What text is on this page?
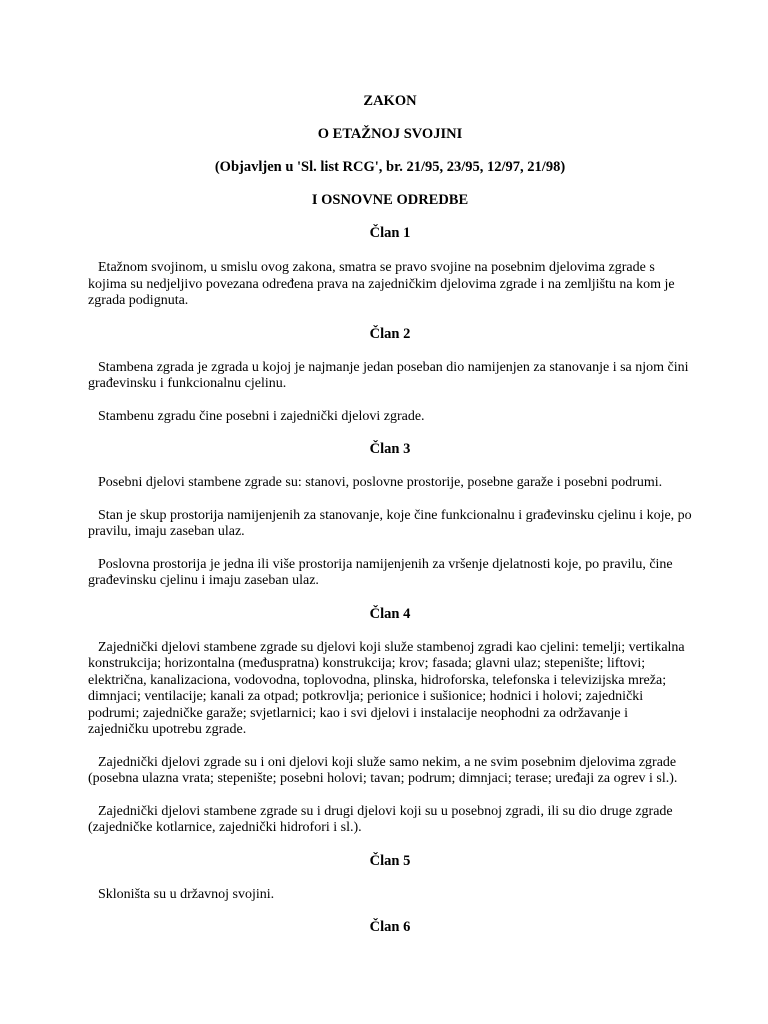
ZAKON
O ETAŽNOJ SVOJINI
(Objavljen u 'Sl. list RCG', br. 21/95, 23/95, 12/97, 21/98)
I OSNOVNE ODREDBE
Član 1

Etažnom svojinom, u smislu ovog zakona, smatra se pravo svojine na posebnim djelovima zgrade s kojima su nedjeljivo povezana određena prava na zajedničkim djelovima zgrade i na zemljištu na kom je zgrada podignuta.

Član 2

Stambena zgrada je zgrada u kojoj je najmanje jedan poseban dio namijenjen za stanovanje i sa njom čini građevinsku i funkcionalnu cjelinu.

Stambenu zgradu čine posebni i zajednički djelovi zgrade.

Član 3

Posebni djelovi stambene zgrade su: stanovi, poslovne prostorije, posebne garaže i posebni podrumi.

Stan je skup prostorija namijenjenih za stanovanje, koje čine funkcionalnu i građevinsku cjelinu i koje, po pravilu, imaju zaseban ulaz.

Poslovna prostorija je jedna ili više prostorija namijenjenih za vršenje djelatnosti koje, po pravilu, čine građevinsku cjelinu i imaju zaseban ulaz.

Član 4

Zajednički djelovi stambene zgrade su djelovi koji služe stambenoj zgradi kao cjelini: temelji; vertikalna konstrukcija; horizontalna (međuspratna) konstrukcija; krov; fasada; glavni ulaz; stepenište; liftovi; električna, kanalizaciona, vodovodna, toplovodna, plinska, hidroforska, telefonska i televizijska mreža; dimnjaci; ventilacije; kanali za otpad; potkrovlja; perionice i sušionice; hodnici i holovi; zajednički podrumi; zajedničke garaže; svjetlarnici; kao i svi djelovi i instalacije neophodni za održavanje i zajedničku upotrebu zgrade.

Zajednički djelovi zgrade su i oni djelovi koji služe samo nekim, a ne svim posebnim djelovima zgrade (posebna ulazna vrata; stepenište; posebni holovi; tavan; podrum; dimnjaci; terase; uređaji za ogrev i sl.).

Zajednički djelovi stambene zgrade su i drugi djelovi koji su u posebnoj zgradi, ili su dio druge zgrade (zajedničke kotlarnice, zajednički hidrofori i sl.).

Član 5

Skloništa su u državnoj svojini.

Član 6
